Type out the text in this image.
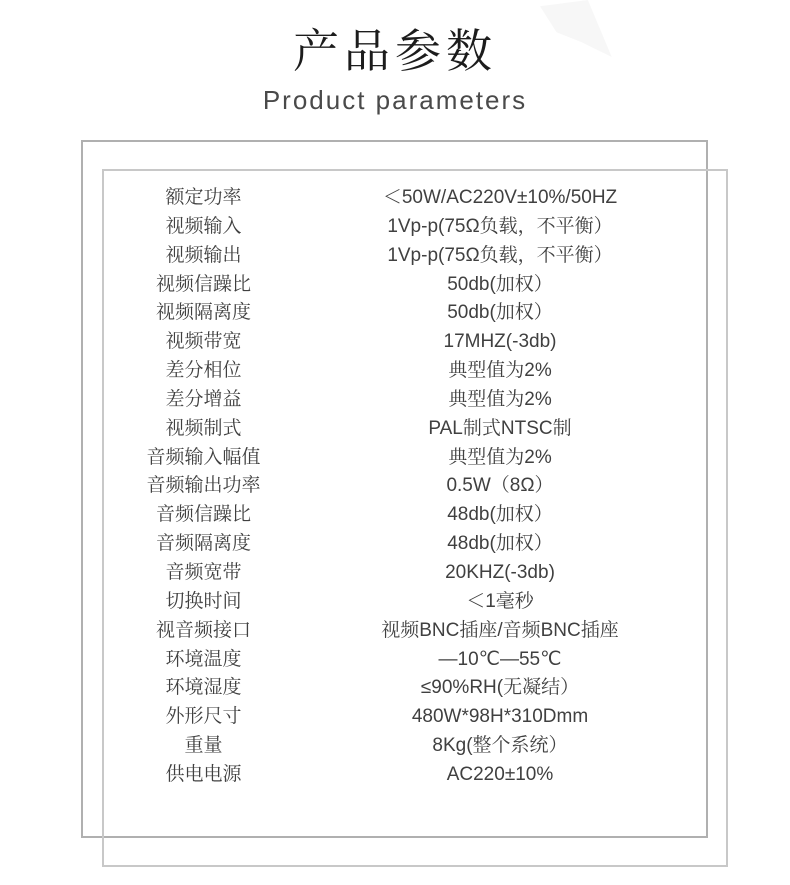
产品参数
Product parameters
额定功率	＜50W/AC220V±10%/50HZ
视频输入	1Vp-p(75Ω负载，不平衡）
视频输出	1Vp-p(75Ω负载，不平衡）
视频信躁比	50db(加权）
视频隔离度	50db(加权）
视频带宽	17MHZ(-3db)
差分相位	典型值为2%
差分增益	典型值为2%
视频制式	PAL制式NTSC制
音频输入幅值	典型值为2%
音频输出功率	0.5W（8Ω）
音频信躁比	48db(加权）
音频隔离度	48db(加权）
音频宽带	20KHZ(-3db)
切换时间	＜1毫秒
视音频接口	视频BNC插座/音频BNC插座
环境温度	—10℃—55℃
环境湿度	≤90%RH(无凝结）
外形尺寸	480W*98H*310Dmm
重量	8Kg(整个系统）
供电电源	AC220±10%
